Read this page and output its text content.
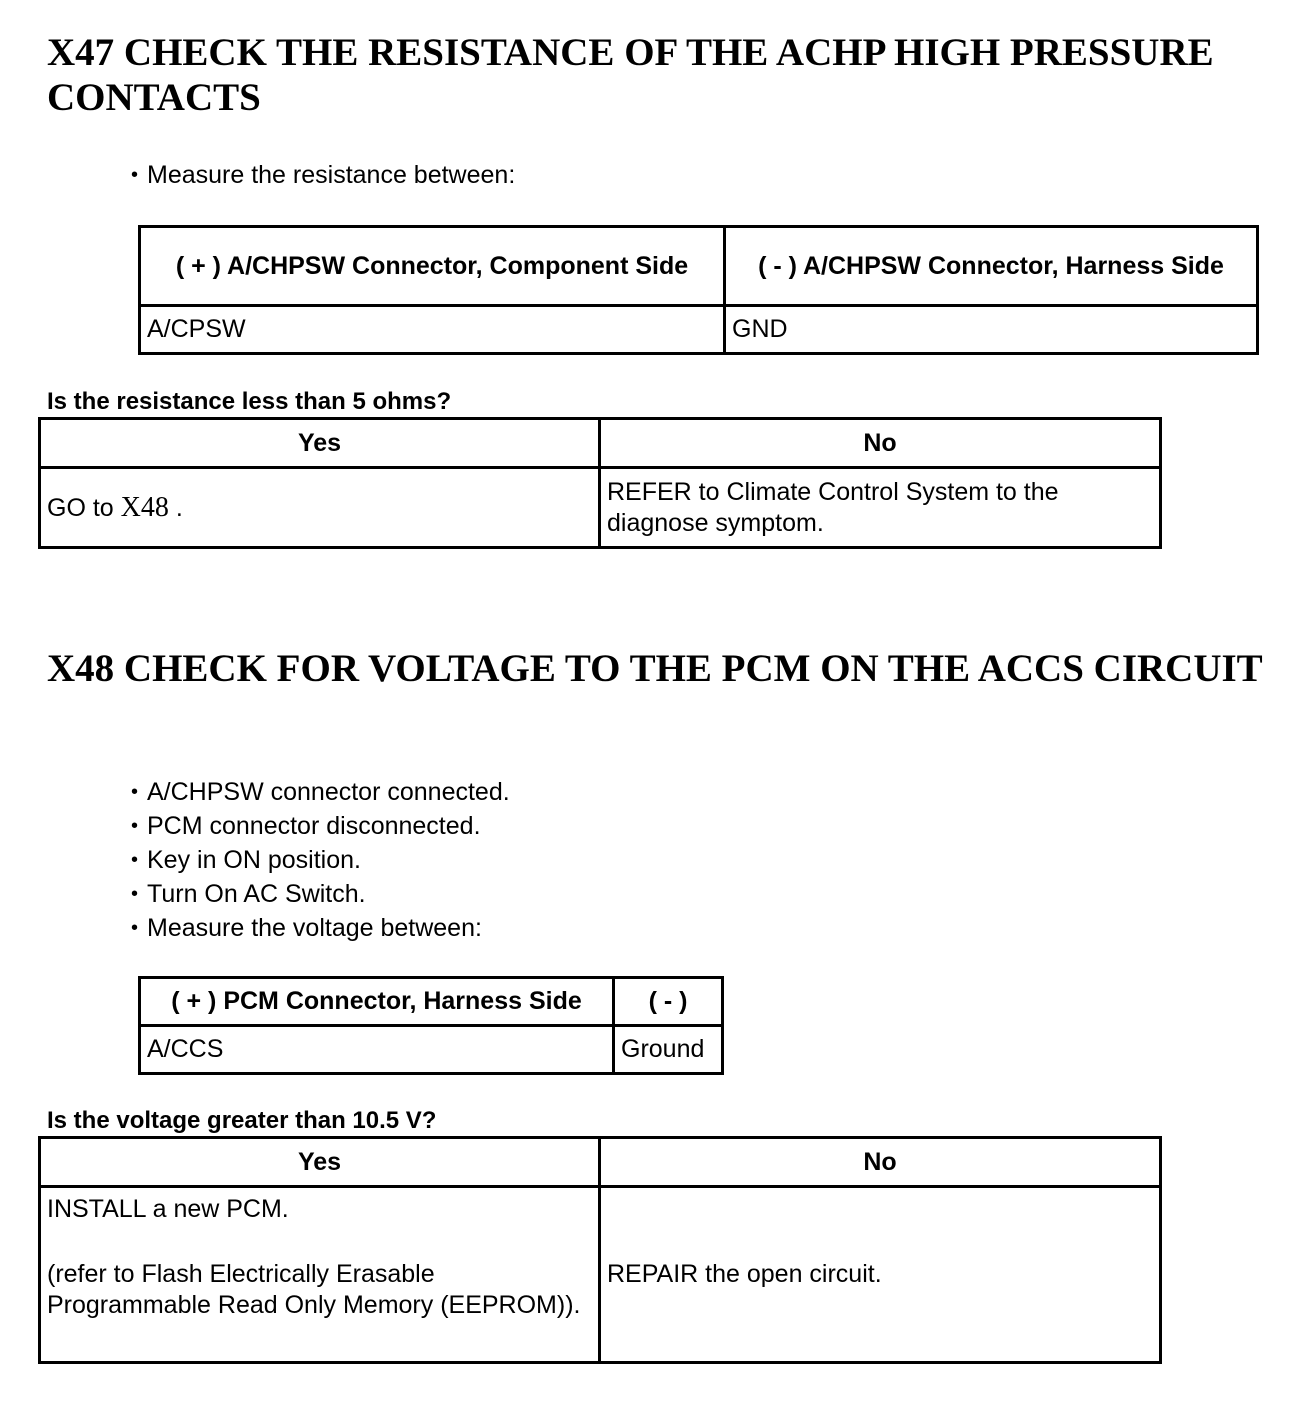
X47 CHECK THE RESISTANCE OF THE ACHP HIGH PRESSURE CONTACTS
• Measure the resistance between:
( + ) A/CHPSW Connector, Component Side	( - ) A/CHPSW Connector, Harness Side
A/CPSW	GND
Is the resistance less than 5 ohms?
Yes	No
GO to X48 .	REFER to Climate Control System to the diagnose symptom.
X48 CHECK FOR VOLTAGE TO THE PCM ON THE ACCS CIRCUIT
• A/CHPSW connector connected.
• PCM connector disconnected.
• Key in ON position.
• Turn On AC Switch.
• Measure the voltage between:
( + ) PCM Connector, Harness Side	( - )
A/CCS	Ground
Is the voltage greater than 10.5 V?
Yes	No

INSTALL a new PCM.
(refer to Flash Electrically Erasable Programmable Read Only Memory (EEPROM)).	REPAIR the open circuit.
